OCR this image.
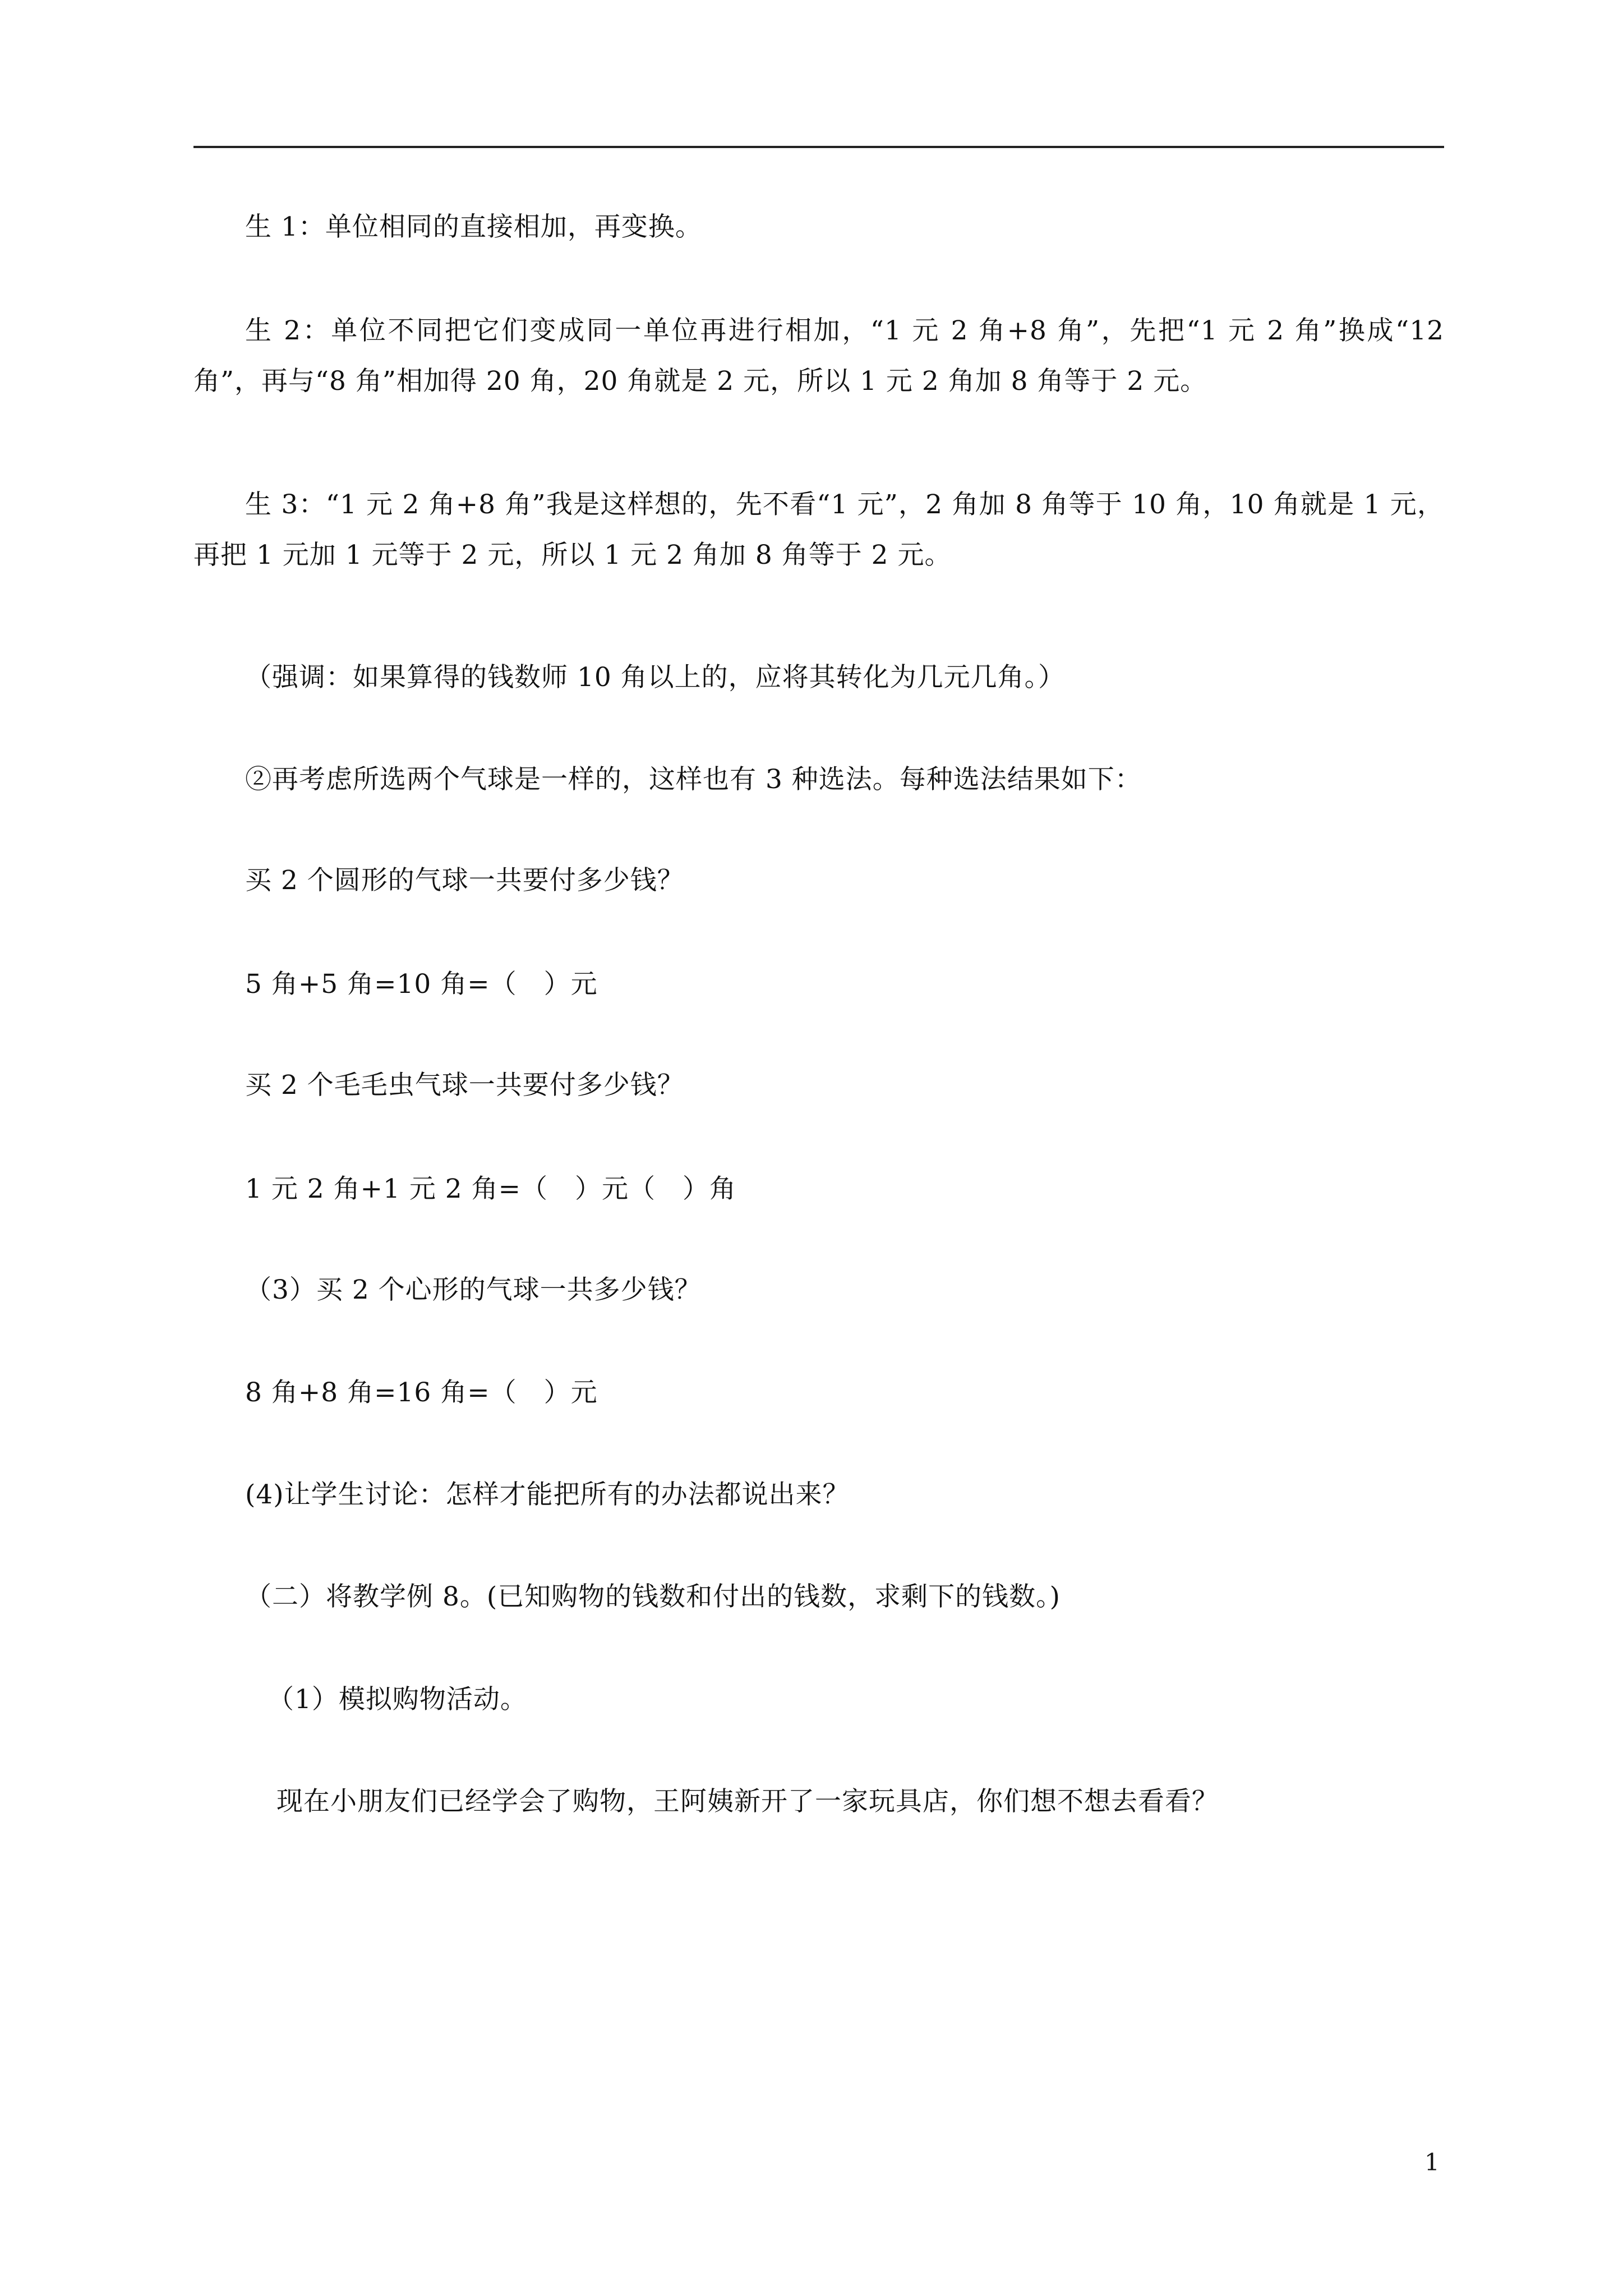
生 1：单位相同的直接相加，再变换。

生 2：单位不同把它们变成同一单位再进行相加，“1 元 2 角+8 角”，先把“1 元 2 角”换成“12 角”，再与“8 角”相加得 20 角，20 角就是 2 元，所以 1 元 2 角加 8 角等于 2 元。

生 3：“1 元 2 角+8 角”我是这样想的，先不看“1 元”，2 角加 8 角等于 10 角，10 角就是 1 元，再把 1 元加 1 元等于 2 元，所以 1 元 2 角加 8 角等于 2 元。

（强调：如果算得的钱数师 10 角以上的，应将其转化为几元几角。）

②再考虑所选两个气球是一样的，这样也有 3 种选法。每种选法结果如下：

买 2 个圆形的气球一共要付多少钱？

5 角+5 角=10 角=（　）元

买 2 个毛毛虫气球一共要付多少钱？

1 元 2 角+1 元 2 角=（　）元（　）角

（3）买 2 个心形的气球一共多少钱？

8 角+8 角=16 角=（　）元

(4)让学生讨论：怎样才能把所有的办法都说出来？

（二）将教学例 8。(已知购物的钱数和付出的钱数，求剩下的钱数。)

（1）模拟购物活动。

现在小朋友们已经学会了购物，王阿姨新开了一家玩具店，你们想不想去看看？

1
